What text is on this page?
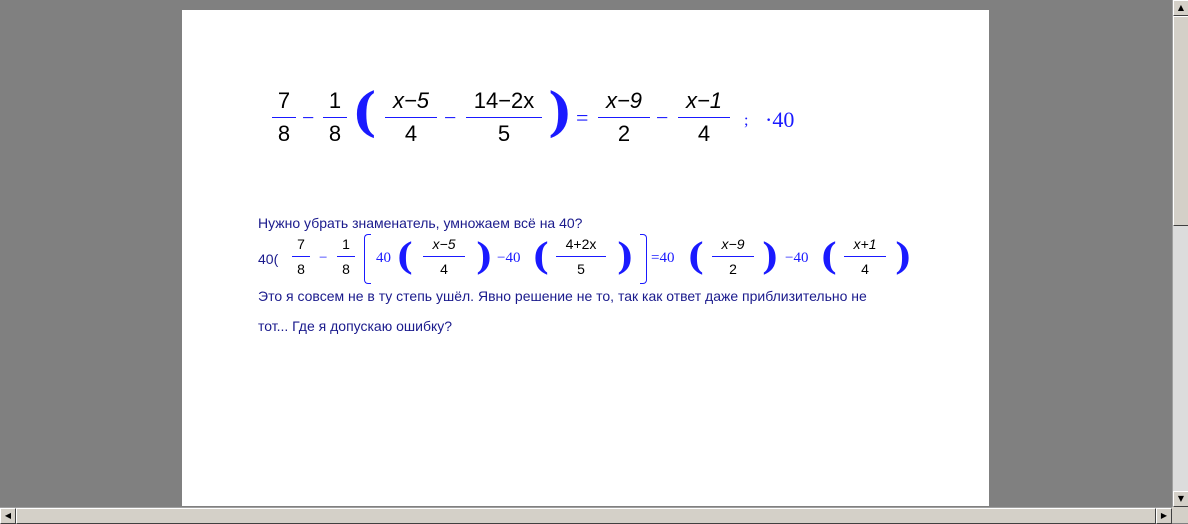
7
8
−
1
8 ( x−5
4
−
14−2x
5 ) =
x−9
2
−
x−1
4
; ·40
Нужно убрать знаменатель, умножаем всё на 40?
40(
7
8
−
1
8
40 (	x−5
4 ) −40 (	4+2x
5 ) =40 (	x−9
2 ) −40 (	x+1
4 )
Это я совсем не в ту степь ушёл. Явно решение не то, так как ответ даже приблизительно не
тот... Где я допускаю ошибку?
▲
▼
◀	▶
